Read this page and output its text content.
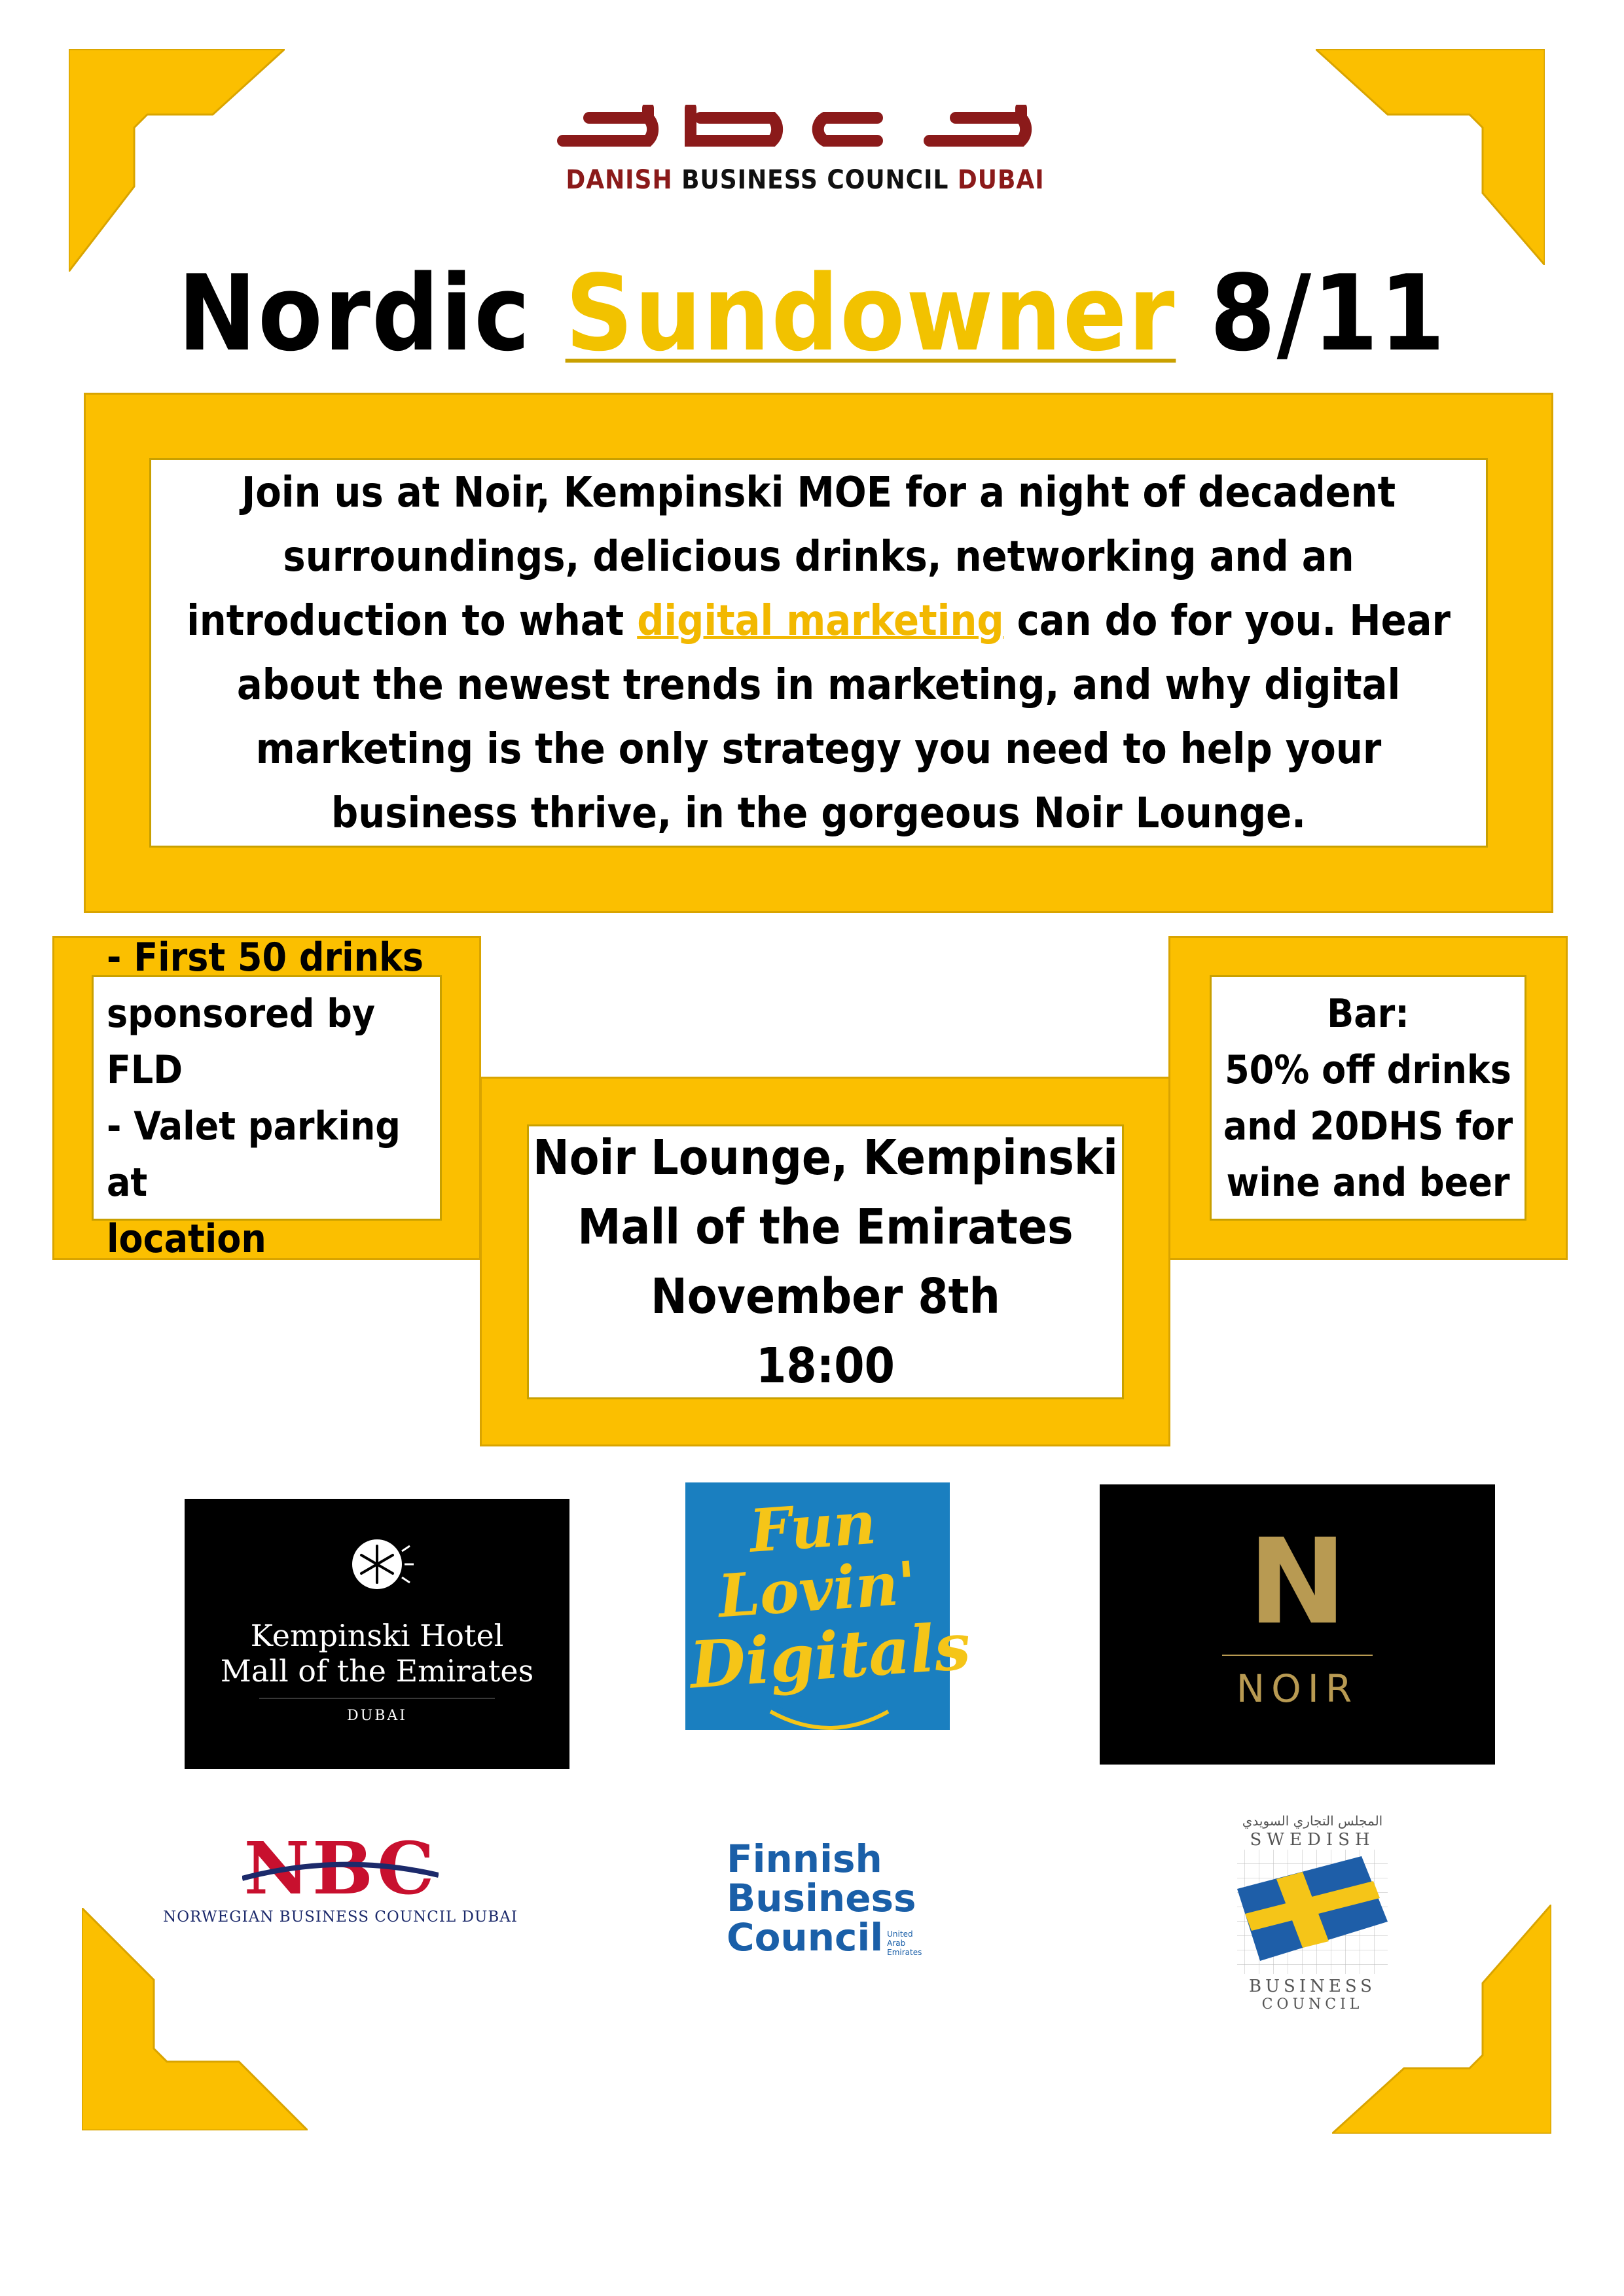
DANISH BUSINESS COUNCIL DUBAI
Nordic Sundowner 8/11
Join us at Noir, Kempinski MOE for a night of decadent
surroundings, delicious drinks, networking and an
introduction to what digital marketing can do for you. Hear
about the newest trends in marketing, and why digital
marketing is the only strategy you need to help your
business thrive, in the gorgeous Noir Lounge.
- First 50 drinks
sponsored by FLD
- Valet parking at
location
Bar:
50% off drinks
and 20DHS for
wine and beer
Noir Lounge, Kempinski
Mall of the Emirates
November 8th
18:00
Kempinski Hotel
Mall of the Emirates
DUBAI
Fun
Lovin'
Digitals
N
NOIR
NBC
NORWEGIAN BUSINESS COUNCIL DUBAI
Finnish
Business
Council United Arab Emirates
المجلس التجاري السويدي
SWEDISH
BUSINESS
COUNCIL
